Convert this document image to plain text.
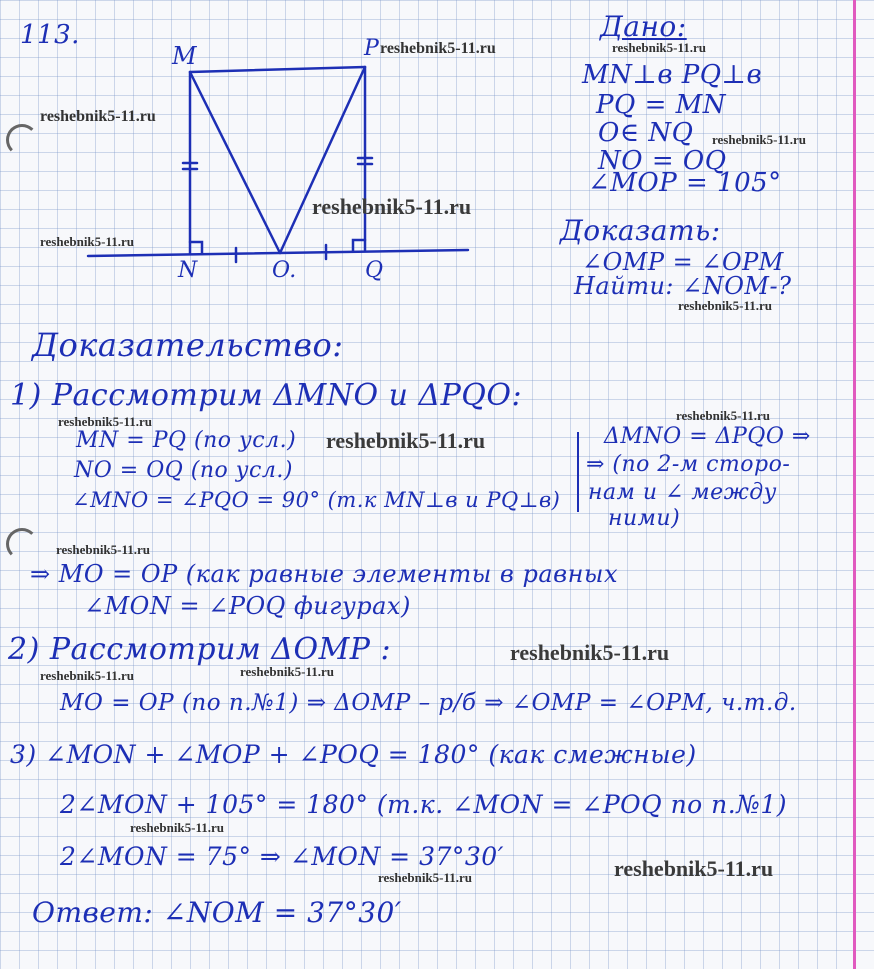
113.
M	P
N	O.	Q
Дано:
MN⊥в PQ⊥в
PQ = MN
O∈ NQ
NO = OQ
∠MOP = 105°
Доказать:
∠OMP = ∠OPM
Найти: ∠NOM-?
Доказательство:
1) Рассмотрим ΔMNO и ΔPQO:
MN = PQ (по усл.)
NO = OQ (по усл.)
∠MNO = ∠PQO = 90° (т.к MN⊥в и PQ⊥в)
ΔMNO = ΔPQO ⇒
⇒ (по 2-м сторо-
нам и ∠ между
ними)
⇒ MO = OP (как равные элементы в равных
∠MON = ∠POQ фигурах)
2) Рассмотрим ΔOMP :
MO = OP (по п.№1) ⇒ ΔOMP – р/б ⇒ ∠OMP = ∠OPM, ч.т.д.
3) ∠MON + ∠MOP + ∠POQ = 180° (как смежные)
2∠MON + 105° = 180° (т.к. ∠MON = ∠POQ по п.№1)
2∠MON = 75° ⇒ ∠MON = 37°30′
Ответ: ∠NOM = 37°30′
reshebnik5-11.ru	reshebnik5-11.ru
reshebnik5-11.ru
reshebnik5-11.ru
reshebnik5-11.ru
reshebnik5-11.ru
reshebnik5-11.ru
reshebnik5-11.ru	reshebnik5-11.ru
reshebnik5-11.ru
reshebnik5-11.ru
reshebnik5-11.ru
reshebnik5-11.ru	reshebnik5-11.ru
reshebnik5-11.ru
reshebnik5-11.ru
reshebnik5-11.ru
